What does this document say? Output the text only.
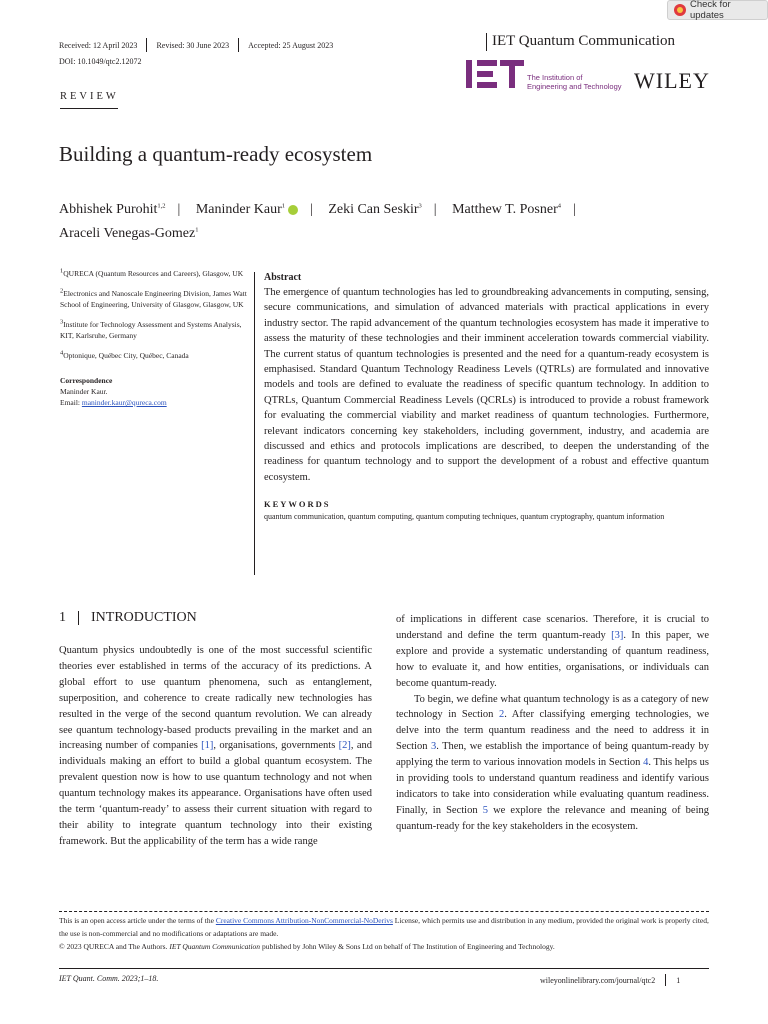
Check for updates
Received: 12 April 2023 Revised: 30 June 2023 Accepted: 25 August 2023	IET Quantum Communication
DOI: 10.1049/qtc2.12072
The Institution of
Engineering and Technology WILEY
REVIEW
Building a quantum-ready ecosystem
Abhishek Purohit$^{1,2}$ | Maninder Kaur$^1$ | Zeki Can Seskir$^3$ | Matthew T. Posner$^4$ |
Araceli Venegas-Gomez$^1$

1QURECA (Quantum Resources and Careers), Glasgow, UK

2Electronics and Nanoscale Engineering Division, James Watt School of Engineering, University of Glasgow, Glasgow, UK

3Institute for Technology Assessment and Systems Analysis, KIT, Karlsruhe, Germany

4Optonique, Québec City, Québec, Canada

Correspondence
Maninder Kaur.
Email: maninder.kaur@qureca.com
Abstract
The emergence of quantum technologies has led to groundbreaking advancements in computing, sensing, secure communications, and simulation of advanced materials with practical applications in every industry sector. The rapid advancement of the quantum technologies ecosystem has made it imperative to assess the maturity of these technologies and their imminent acceleration towards commercial viability. The current status of quantum technologies is presented and the need for a quantum-ready ecosystem is emphasised. Standard Quantum Technology Readiness Levels (QTRLs) are formulated and innovative models and tools are defined to evaluate the readiness of specific quantum technology. In addition to QTRLs, Quantum Commercial Readiness Levels (QCRLs) is introduced to provide a robust framework for evaluating the commercial viability and market readiness of quantum technologies. Furthermore, relevant indicators concerning key stakeholders, including government, industry, and academia are discussed and ethics and protocols implications are described, to deepen the understanding of the readiness for quantum technology and to support the development of a robust and effective quantum ecosystem.
KEYWORDS
quantum communication, quantum computing, quantum computing techniques, quantum cryptography, quantum information
1 INTRODUCTION

Quantum physics undoubtedly is one of the most successful scientific theories ever established in terms of the accuracy of its predictions. A global effort to use quantum phenomena, such as entanglement, superposition, and coherence to create radically new technologies has resulted in the verge of the second quantum revolution. We can already see quantum technology-based products prevailing in the market and an increasing number of companies [1], organisations, governments [2], and individuals making an effort to build a global quantum ecosystem. The prevalent question now is how to use quantum technology and not when quantum technology makes its appearance. Organisations have often used the term ‘quantum-ready’ to assess their current situation with regard to their ability to integrate quantum technology into their existing framework. But the applicability of the term has a wide range

of implications in different case scenarios. Therefore, it is crucial to understand and define the term quantum-ready [3]. In this paper, we explore and provide a systematic understanding of quantum readiness, how to evaluate it, and how entities, organisations, or individuals can become quantum-ready.

To begin, we define what quantum technology is as a category of new technology in Section 2. After classifying emerging technologies, we delve into the term quantum readiness and the need to address it in Section 3. Then, we establish the importance of being quantum-ready by applying the term to various innovation models in Section 4. This helps us in providing tools to understand quantum readiness and identify various indicators to take into consideration while evaluating quantum readiness. Finally, in Section 5 we explore the relevance and meaning of being quantum-ready for the key stakeholders in the ecosystem.

This is an open access article under the terms of the Creative Commons Attribution-NonCommercial-NoDerivs License, which permits use and distribution in any medium, provided the original work is properly cited, the use is non-commercial and no modifications or adaptations are made.
© 2023 QURECA and The Authors. IET Quantum Communication published by John Wiley & Sons Ltd on behalf of The Institution of Engineering and Technology.
IET Quant. Comm. 2023;1–18.	wileyonlinelibrary.com/journal/qtc2	1
